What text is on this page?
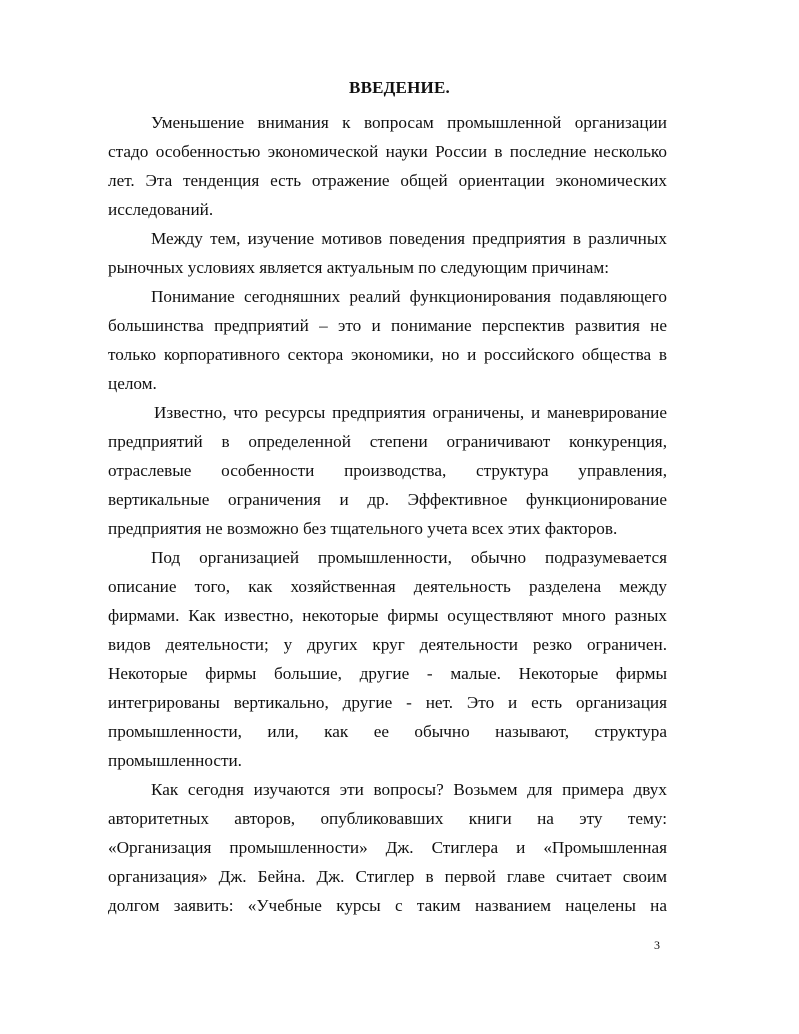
ВВЕДЕНИЕ.
Уменьшение внимания к вопросам промышленной организации
стадо особенностью экономической науки России в последние несколько
лет. Эта тенденция есть отражение общей ориентации экономических
исследований.
Между тем, изучение мотивов поведения предприятия в различных
рыночных условиях является актуальным по следующим причинам:
Понимание сегодняшних реалий функционирования подавляющего
большинства предприятий – это и понимание перспектив развития не
только корпоративного сектора экономики, но и российского общества в
целом.
Известно, что ресурсы предприятия ограничены, и маневрирование
предприятий в определенной степени ограничивают конкуренция,
отраслевые особенности производства, структура управления,
вертикальные ограничения и др. Эффективное функционирование
предприятия не возможно без тщательного учета всех этих факторов.
Под организацией промышленности, обычно подразумевается
описание того, как хозяйственная деятельность разделена между
фирмами. Как известно, некоторые фирмы осуществляют много разных
видов деятельности; у других круг деятельности резко ограничен.
Некоторые фирмы большие, другие - малые. Некоторые фирмы
интегрированы вертикально, другие - нет. Это и есть организация
промышленности, или, как ее обычно называют, структура
промышленности.
Как сегодня изучаются эти вопросы? Возьмем для примера двух
авторитетных авторов, опубликовавших книги на эту тему:
«Организация промышленности» Дж. Стиглера и «Промышленная
организация» Дж. Бейна. Дж. Стиглер в первой главе считает своим
долгом заявить: «Учебные курсы с таким названием нацелены на
3
